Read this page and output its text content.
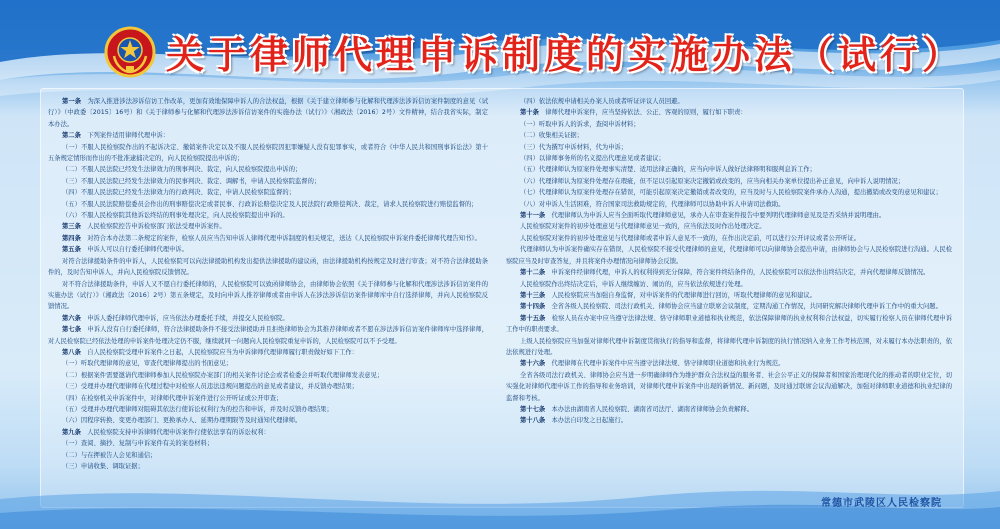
关于律师代理申诉制度的实施办法（试行）

第一条　 为深入推进涉法涉诉信访工作改革，更加有效地保障申诉人的合法权益，根据《关于建立律师参与化解和代理涉法涉诉信访案件制度的意见（试行）》（中政委〔2015〕16号）和《关于律师参与化解和代理涉法涉诉信访案件的实施办法（试行）》（湘政法〔2016〕2号）文件精神，结合我省实际，制定本办法。

第二条　 下列案件适用律师代理申诉：

（一）不服人民检察院作出的不起诉决定、撤销案件决定以及不服人民检察院因犯罪嫌疑人没有犯罪事实，或者符合《中华人民共和国刑事诉讼法》第十五条规定情形而作出的不批准逮捕决定的，向人民检察院提出申诉的；

（二）不服人民法院已经发生法律效力的刑事判决、裁定，向人民检察院提出申诉的；

（三）不服人民法院已经发生法律效力的民事判决、裁定、调解书，申请人民检察院监督的；

（四）不服人民法院已经发生法律效力的行政判决、裁定，申请人民检察院监督的；

（五）不服人民法院赔偿委员会作出的刑事赔偿决定或者民事、行政诉讼赔偿决定及人民法院行政赔偿判决、裁定，请求人民检察院进行赔偿监督的；

（六）不服人民检察院其他诉讼终结的刑事处理决定，向人民检察院提出申诉的。

第三条　 人民检察院控告申诉检察部门依法受理申诉案件。

第四条　 对符合本办法第二条规定的案件，检察人员应当告知申诉人律师代理申诉制度的相关规定，送达《人民检察院申诉案件委托律师代理告知书》。

第五条　 申诉人可以自行委托律师代理申诉。

对符合法律援助条件的申诉人，人民检察院可以向法律援助机构发出提供法律援助的建议函，由法律援助机构按规定及时进行审查；对不符合法律援助条件的，及时告知申诉人，并向人民检察院反馈情况。

对不符合法律援助条件，申诉人又不愿自行委托律师的，人民检察院可以致函律师协会，由律师协会依照《关于律师参与化解和代理涉法涉诉信访案件的实施办法（试行）》（湘政法〔2016〕2号）第五条规定，及时向申诉人推荐律师或者由申诉人在涉法涉诉信访案件律师库中自行选择律师，并向人民检察院反馈情况。

第六条　 申诉人委托律师代理申诉，应当依法办理委托手续，并提交人民检察院。

第七条　 申诉人没有自行委托律师，符合法律援助条件不接受法律援助并且拒绝律师协会为其推荐律师或者不愿在涉法涉诉信访案件律师库中选择律师，对人民检察院已经依法处理的申诉案件处理决定仍不服，继续就同一问题向人民检察院重复申诉的，人民检察院可以不予受理。

第八条　 自人民检察院受理申诉案件之日起，人民检察院应当为申诉律师代理律师履行职责做好如下工作：

（一）听取代理律师的意见，审查代理律师提出的书面意见；

（二）根据案件需要邀请代理律师参加人民检察院办案部门的相关案件讨论会或者检委会并听取代理律师发表意见；

（三）受理并办理代理律师在代理过程中对检察人员违法违规问题提出的意见或者建议，并反馈办理结果；

（四）在检察机关申诉案件中，对律师代理申诉案件进行公开听证或公开审查；

（五）受理并办理代理律师对阻碍其依法行使诉讼权利行为的控告和申诉，并及时反馈办理结果；

（六）因程序转换、变更办理部门、更换承办人、延期办理期限等及时通知代理律师。

第九条　 人民检察院支持申诉律师代理申诉案件行使依法享有的诉讼权利：

（一）查阅、摘抄、复制与申诉案件有关的案卷材料；

（二）与在押被告人会见和通信；

（三）申请收集、调取证据；

（四）依法依规申请相关办案人员或者听证评议人员回避。

第十条　 律师代理申诉案件，应当坚持依法、公正、客观的原则，履行如下职责：

（一）听取申诉人的诉求，查阅申诉材料；

（二）收集相关证据；

（三）代为撰写申诉材料，代为申诉；

（四）以律师事务所的名义提出代理意见或者建议；

（五）代理律师认为原案件处理事实清楚、适用法律正确的，应当向申诉人做好法律释明和服判息诉工作；

（六）代理律师认为原案件处理存在瑕疵，但不足以引起原案决定撤销或改变的，应当向相关办案单位提出补正意见，向申诉人说明情况；

（七）代理律师认为原案件处理存在错误，可能引起原案决定撤销或者改变的，应当及时与人民检察院案件承办人沟通，提出撤销或改变的意见和建议；

（八）对申诉人生活困难，符合国家司法救助规定的，代理律师可以协助申诉人申请司法救助。

第十一条　 代理律师认为申诉人应当全面听取代理律师意见，承办人在审查案件报告中要列明代理律师意见及是否采纳并说明理由。

人民检察院对案件的初步处理意见与代理律师意见一致的，应当依法及时作出处理决定。

人民检察院对案件的初步处理意见与代理律师或者申诉人意见不一致的，在作出决定前，可以进行公开评议或者公开听证。

代理律师认为申诉案件确实存在错误，人民检察院不接受代理律师的意见，代理律师可以向律师协会提出申请，由律师协会与人民检察院进行沟通。人民检察院应当及时审查答复，并且将案件办理情况向律师协会反馈。

第十二条　 申诉案件经律师代理，申诉人的权利得到充分保障，符合案件终结条件的，人民检察院可以依法作出终结决定，并向代理律师反馈情况。

人民检察院作出终结决定后，申诉人继续缠访、闹访的，应当依法依规进行处理。

第十三条　 人民检察院应当加强自身监督，对申诉案件的代理律师进行回访，听取代理律师的意见和建议。

第十四条　 全省各级人民检察院、司法行政机关、律师协会应当建立联席会议制度，定期沟通工作情况，共同研究解决律师代理申诉工作中的重大问题。

第十五条　 检察人员在办案中应当遵守法律法规、恪守律师职业道德和执业规范，依法保障律师的执业权利和合法权益，切实履行检察人员在律师代理申诉工作中的职责要求。

上级人民检察院应当加强对律师代理申诉制度贯彻执行的指导和监督，将律师代理申诉制度的执行情况纳入业务工作考核范围，对未履行本办法职责的，依法依规进行处理。

第十六条　 代理律师在代理申诉案件中应当遵守法律法规、恪守律师职业道德和执业行为规范。

全省各级司法行政机关、律师协会应当进一步明确律师作为维护群众合法权益的服务者、社会公平正义的保障者和国家治理现代化的推动者的职业定位，切实强化对律师代理申诉工作的指导和业务培训，对律师代理申诉案件中出现的新情况、新问题，及时通过联席会议沟通解决，加强对律师职业道德和执业纪律的监督和考核。

第十七条　 本办法由湖南省人民检察院、湖南省司法厅、湖南省律师协会负责解释。

第十八条　 本办法自印发之日起施行。

常德市武陵区人民检察院
